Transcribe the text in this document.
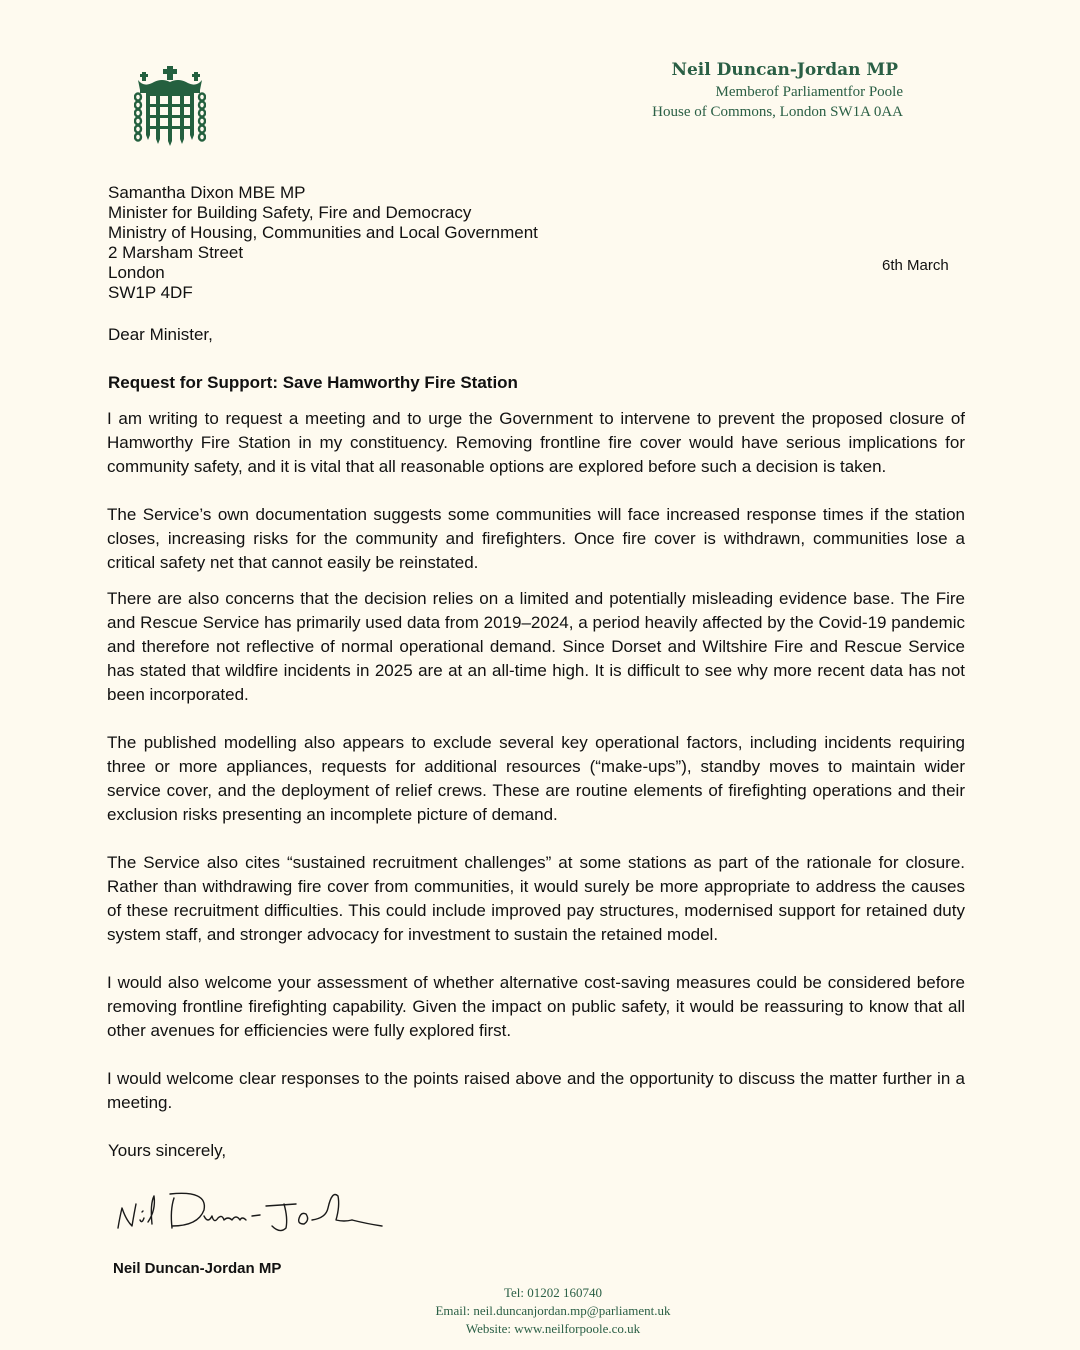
Neil Duncan-Jordan MP
Memberof Parliamentfor Poole
House of Commons, London SW1A 0AA
Samantha Dixon MBE MP
Minister for Building Safety, Fire and Democracy
Ministry of Housing, Communities and Local Government
2 Marsham Street
London
SW1P 4DF
6th March
Dear Minister,
Request for Support: Save Hamworthy Fire Station

I am writing to request a meeting and to urge the Government to intervene to prevent the proposed closure of Hamworthy Fire Station in my constituency. Removing frontline fire cover would have serious implications for community safety, and it is vital that all reasonable options are explored before such a decision is taken.

The Service’s own documentation suggests some communities will face increased response times if the station closes, increasing risks for the community and firefighters. Once fire cover is withdrawn, communities lose a critical safety net that cannot easily be reinstated.

There are also concerns that the decision relies on a limited and potentially misleading evidence base. The Fire and Rescue Service has primarily used data from 2019–2024, a period heavily affected by the Covid-19 pandemic and therefore not reflective of normal operational demand. Since Dorset and Wiltshire Fire and Rescue Service has stated that wildfire incidents in 2025 are at an all-time high. It is difficult to see why more recent data has not been incorporated.

The published modelling also appears to exclude several key operational factors, including incidents requiring three or more appliances, requests for additional resources (“make-ups”), standby moves to maintain wider service cover, and the deployment of relief crews. These are routine elements of firefighting operations and their exclusion risks presenting an incomplete picture of demand.

The Service also cites “sustained recruitment challenges” at some stations as part of the rationale for closure. Rather than withdrawing fire cover from communities, it would surely be more appropriate to address the causes of these recruitment difficulties. This could include improved pay structures, modernised support for retained duty system staff, and stronger advocacy for investment to sustain the retained model.

I would also welcome your assessment of whether alternative cost-saving measures could be considered before removing frontline firefighting capability. Given the impact on public safety, it would be reassuring to know that all other avenues for efficiencies were fully explored first.

I would welcome clear responses to the points raised above and the opportunity to discuss the matter further in a meeting.

Yours sincerely,
Neil Duncan-Jordan MP
Tel: 01202 160740
Email: neil.duncanjordan.mp@parliament.uk
Website: www.neilforpoole.co.uk
